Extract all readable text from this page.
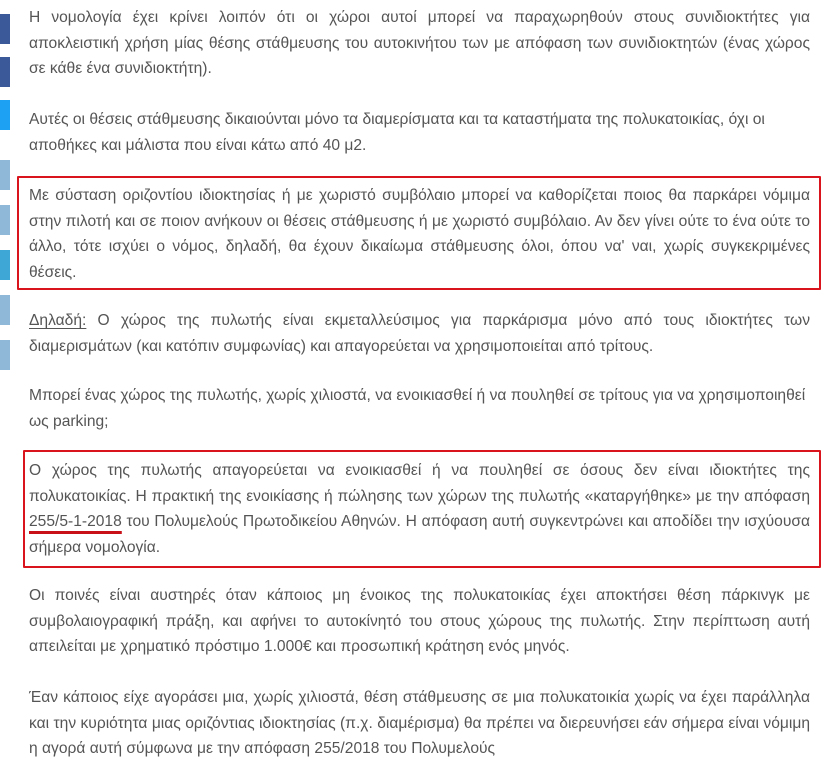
Η νομολογία έχει κρίνει λοιπόν ότι οι χώροι αυτοί μπορεί να παραχωρηθούν στους συνιδιοκτήτες για αποκλειστική χρήση μίας θέσης στάθμευσης του αυτοκινήτου των με απόφαση των συνιδιοκτητών (ένας χώρος σε κάθε ένα συνιδιοκτήτη).

Αυτές οι θέσεις στάθμευσης δικαιούνται μόνο τα διαμερίσματα και τα καταστήματα της πολυκατοικίας, όχι οι αποθήκες και μάλιστα που είναι κάτω από 40 μ2.

Με σύσταση οριζοντίου ιδιοκτησίας ή με χωριστό συμβόλαιο μπορεί να καθορίζεται ποιος θα παρκάρει νόμιμα στην πιλοτή και σε ποιον ανήκουν οι θέσεις στάθμευσης ή με χωριστό συμβόλαιο. Αν δεν γίνει ούτε το ένα ούτε το άλλο, τότε ισχύει ο νόμος, δηλαδή, θα έχουν δικαίωμα στάθμευσης όλοι, όπου να' ναι, χωρίς συγκεκριμένες θέσεις.

Δηλαδή: Ο χώρος της πυλωτής είναι εκμεταλλεύσιμος για παρκάρισμα μόνο από τους ιδιοκτήτες των διαμερισμάτων (και κατόπιν συμφωνίας) και απαγορεύεται να χρησιμοποιείται από τρίτους.

Μπορεί ένας χώρος της πυλωτής, χωρίς χιλιοστά, να ενοικιασθεί ή να πουληθεί σε τρίτους για να χρησιμοποιηθεί ως parking;

Ο χώρος της πυλωτής απαγορεύεται να ενοικιασθεί ή να πουληθεί σε όσους δεν είναι ιδιοκτήτες της πολυκατοικίας. Η πρακτική της ενοικίασης ή πώλησης των χώρων της πυλωτής «καταργήθηκε» με την απόφαση 255/5-1-2018 του Πολυμελούς Πρωτοδικείου Αθηνών. Η απόφαση αυτή συγκεντρώνει και αποδίδει την ισχύουσα σήμερα νομολογία.

Οι ποινές είναι αυστηρές όταν κάποιος μη ένοικος της πολυκατοικίας έχει αποκτήσει θέση πάρκινγκ με συμβολαιογραφική πράξη, και αφήνει το αυτοκίνητό του στους χώρους της πυλωτής. Στην περίπτωση αυτή απειλείται με χρηματικό πρόστιμο 1.000€ και προσωπική κράτηση ενός μηνός.

Έαν κάποιος είχε αγοράσει μια, χωρίς χιλιοστά, θέση στάθμευσης σε μια πολυκατοικία χωρίς να έχει παράλληλα και την κυριότητα μιας οριζόντιας ιδιοκτησίας (π.χ. διαμέρισμα) θα πρέπει να διερευνήσει εάν σήμερα είναι νόμιμη η αγορά αυτή σύμφωνα με την απόφαση 255/2018 του Πολυμελούς
